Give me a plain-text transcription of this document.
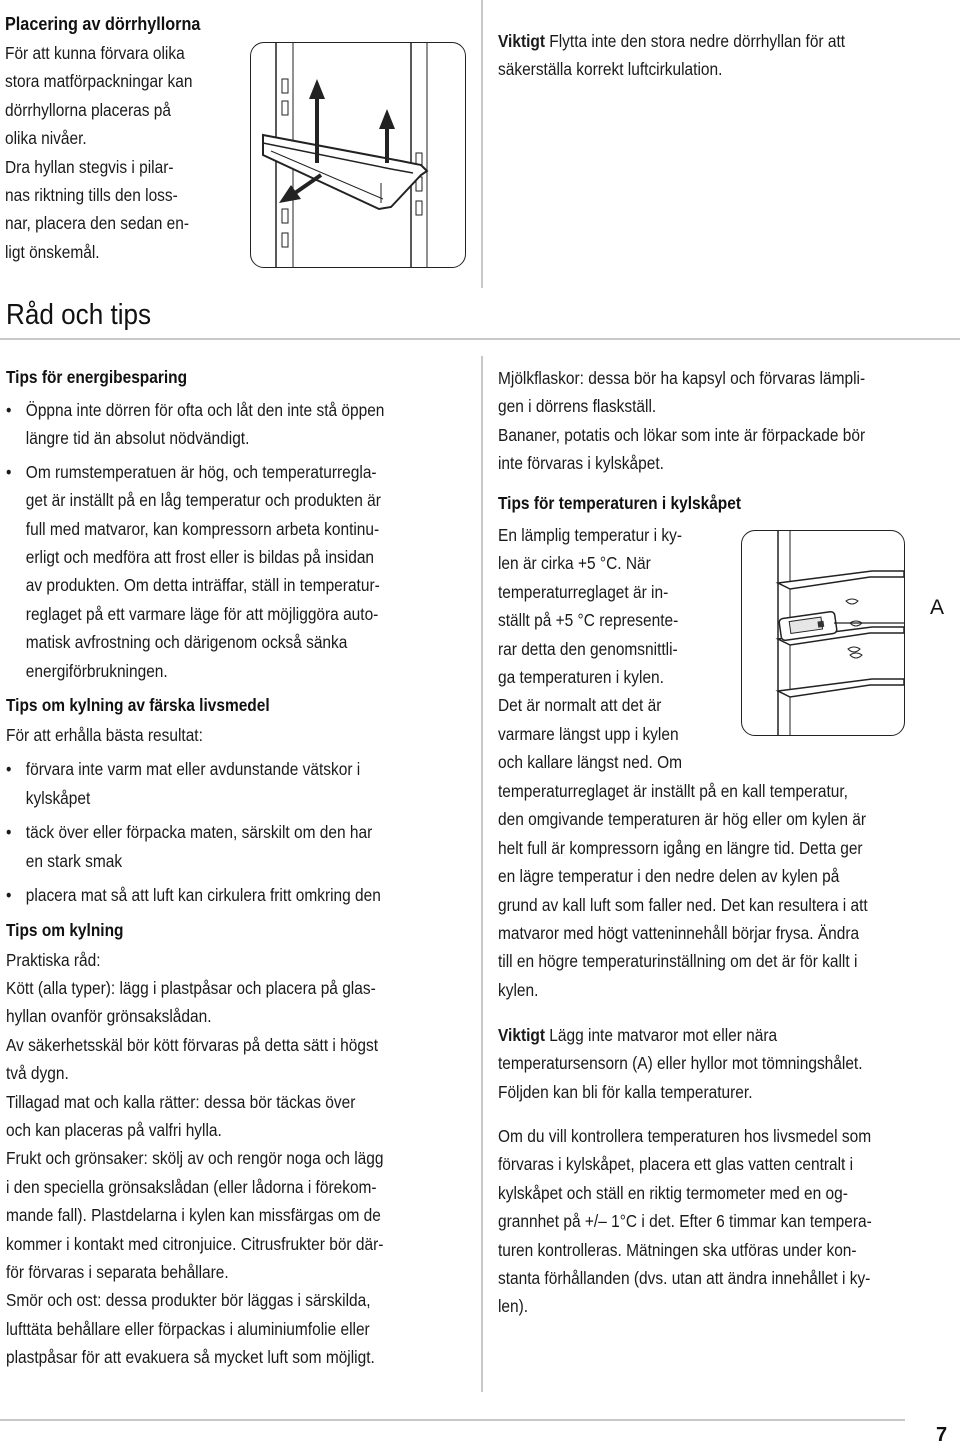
Placering av dörrhyllorna
För att kunna förvara olika
stora matförpackningar kan
dörrhyllorna placeras på
olika nivåer.
Dra hyllan stegvis i pilar-
nas riktning tills den loss-
nar, placera den sedan en-
ligt önskemål.
Viktigt Flytta inte den stora nedre dörrhyllan för att
säkerställa korrekt luftcirkulation.
Råd och tips
Tips för energibesparing
• Öppna inte dörren för ofta och låt den inte stå öppen
längre tid än absolut nödvändigt.
• Om rumstemperatuen är hög, och temperaturregla-
get är inställt på en låg temperatur och produkten är
full med matvaror, kan kompressorn arbeta kontinu-
erligt och medföra att frost eller is bildas på insidan
av produkten. Om detta inträffar, ställ in temperatur-
reglaget på ett varmare läge för att möjliggöra auto-
matisk avfrostning och därigenom också sänka
energiförbrukningen.
Tips om kylning av färska livsmedel
För att erhålla bästa resultat:
• förvara inte varm mat eller avdunstande vätskor i
kylskåpet
• täck över eller förpacka maten, särskilt om den har
en stark smak
• placera mat så att luft kan cirkulera fritt omkring den
Tips om kylning
Praktiska råd:
Kött (alla typer): lägg i plastpåsar och placera på glas-
hyllan ovanför grönsakslådan.
Av säkerhetsskäl bör kött förvaras på detta sätt i högst
två dygn.
Tillagad mat och kalla rätter: dessa bör täckas över
och kan placeras på valfri hylla.
Frukt och grönsaker: skölj av och rengör noga och lägg
i den speciella grönsakslådan (eller lådorna i förekom-
mande fall). Plastdelarna i kylen kan missfärgas om de
kommer i kontakt med citronjuice. Citrusfrukter bör där-
för förvaras i separata behållare.
Smör och ost: dessa produkter bör läggas i särskilda,
lufttäta behållare eller förpackas i aluminiumfolie eller
plastpåsar för att evakuera så mycket luft som möjligt.
Mjölkflaskor: dessa bör ha kapsyl och förvaras lämpli-
gen i dörrens flaskställ.
Bananer, potatis och lökar som inte är förpackade bör
inte förvaras i kylskåpet.
Tips för temperaturen i kylskåpet
En lämplig temperatur i ky-
len är cirka +5 °C. När
temperaturreglaget är in-
ställt på +5 °C represente-
rar detta den genomsnittli-
ga temperaturen i kylen.
Det är normalt att det är
varmare längst upp i kylen
och kallare längst ned. Om
temperaturreglaget är inställt på en kall temperatur,
den omgivande temperaturen är hög eller om kylen är
helt full är kompressorn igång en längre tid. Detta ger
en lägre temperatur i den nedre delen av kylen på
grund av kall luft som faller ned. Det kan resultera i att
matvaror med högt vatteninnehåll börjar frysa. Ändra
till en högre temperaturinställning om det är för kallt i
kylen.
A
Viktigt Lägg inte matvaror mot eller nära
temperatursensorn (A) eller hyllor mot tömningshålet.
Följden kan bli för kalla temperaturer.
Om du vill kontrollera temperaturen hos livsmedel som
förvaras i kylskåpet, placera ett glas vatten centralt i
kylskåpet och ställ en riktig termometer med en og-
grannhet på +/– 1°C i det. Efter 6 timmar kan tempera-
turen kontrolleras. Mätningen ska utföras under kon-
stanta förhållanden (dvs. utan att ändra innehållet i ky-
len).
7
